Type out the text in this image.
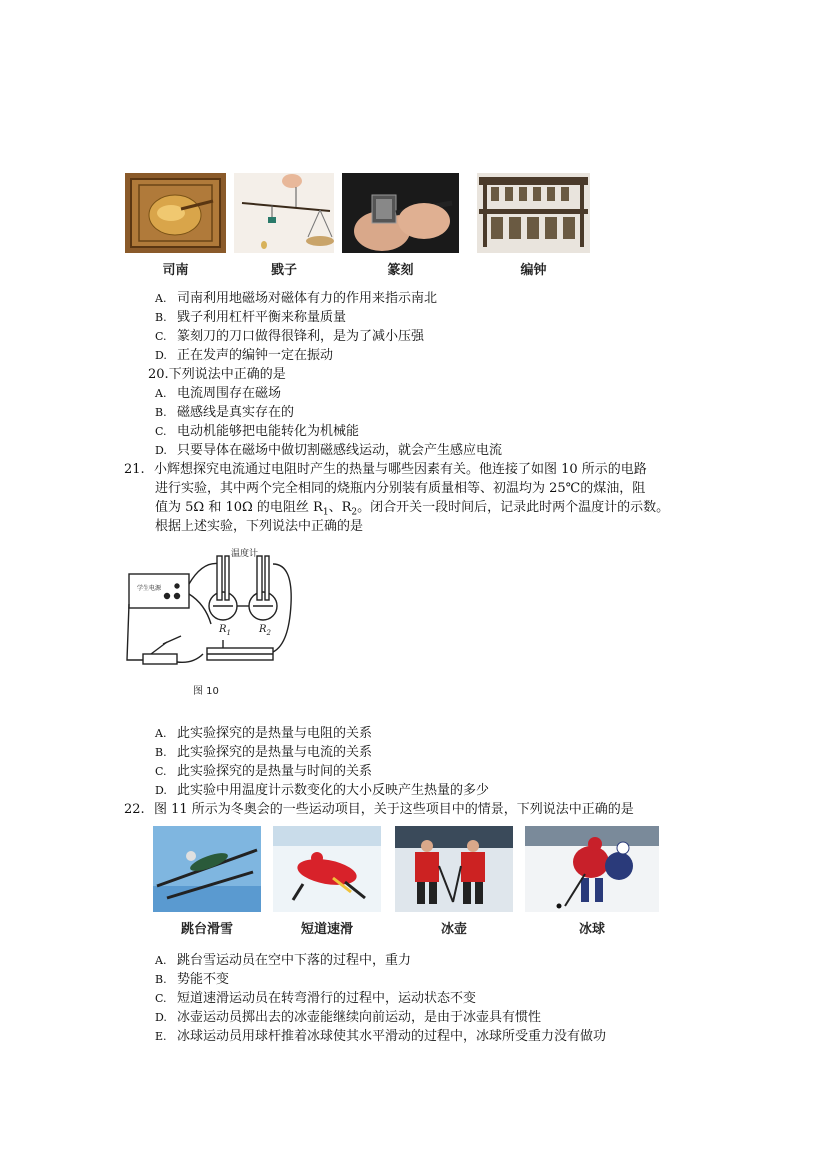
司南	戥子	篆刻	编钟
A. 司南利用地磁场对磁体有力的作用来指示南北
B. 戥子利用杠杆平衡来称量质量
C. 篆刻刀的刀口做得很锋利，是为了减小压强
D. 正在发声的编钟一定在振动
20.下列说法中正确的是
A. 电流周围存在磁场
B. 磁感线是真实存在的
C. 电动机能够把电能转化为机械能
D. 只要导体在磁场中做切割磁感线运动，就会产生感应电流
21. 小辉想探究电流通过电阻时产生的热量与哪些因素有关。他连接了如图 10 所示的电路
进行实验，其中两个完全相同的烧瓶内分别装有质量相等、初温均为 25℃的煤油，阻
值为 5Ω 和 10Ω 的电阻丝 $R_1$、$R_2$。闭合开关一段时间后，记录此时两个温度计的示数。
根据上述实验，下列说法中正确的是
温度计
学生电源
$R_1$	$R_2$
图 10
A. 此实验探究的是热量与电阻的关系
B. 此实验探究的是热量与电流的关系
C. 此实验探究的是热量与时间的关系
D. 此实验中用温度计示数变化的大小反映产生热量的多少
22. 图 11 所示为冬奥会的一些运动项目，关于这些项目中的情景，下列说法中正确的是
跳台滑雪	短道速滑	冰壶	冰球
A. 跳台雪运动员在空中下落的过程中，重力
B. 势能不变
C. 短道速滑运动员在转弯滑行的过程中，运动状态不变
D. 冰壶运动员掷出去的冰壶能继续向前运动，是由于冰壶具有惯性
E. 冰球运动员用球杆推着冰球使其水平滑动的过程中，冰球所受重力没有做功
